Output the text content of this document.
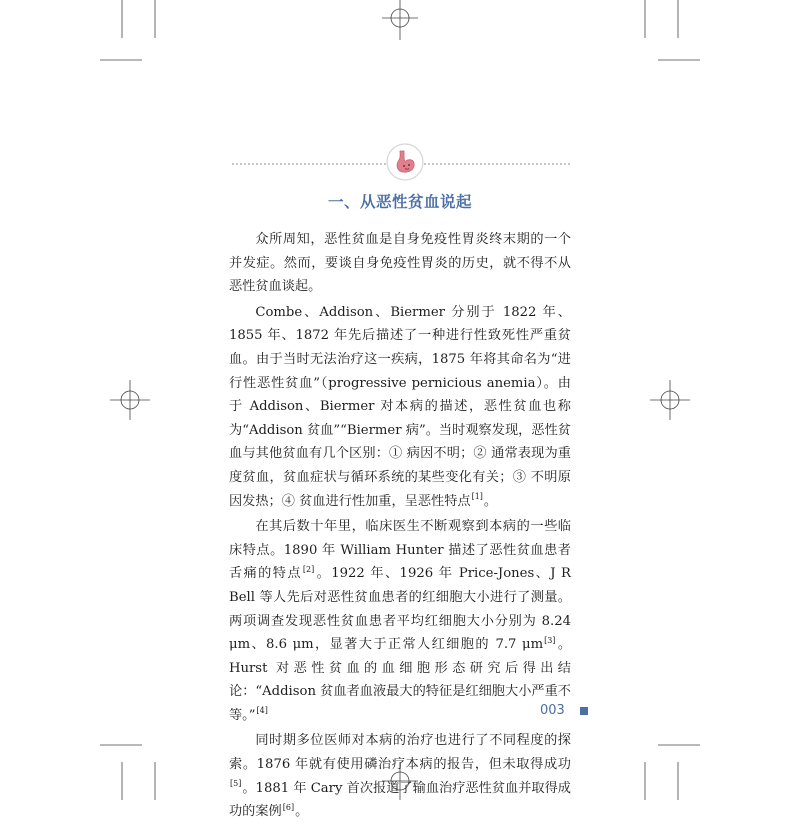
一、从恶性贫血说起

众所周知，恶性贫血是自身免疫性胃炎终末期的一个并发症。然而，要谈自身免疫性胃炎的历史，就不得不从恶性贫血谈起。

Combe、Addison、Biermer 分别于 1822 年、1855 年、1872 年先后描述了一种进行性致死性严重贫血。由于当时无法治疗这一疾病，1875 年将其命名为“进行性恶性贫血”（progressive pernicious anemia）。由于 Addison、Biermer 对本病的描述，恶性贫血也称为“Addison 贫血”“Biermer 病”。当时观察发现，恶性贫血与其他贫血有几个区别：① 病因不明；② 通常表现为重度贫血，贫血症状与循环系统的某些变化有关；③ 不明原因发热；④ 贫血进行性加重，呈恶性特点[1]。

在其后数十年里，临床医生不断观察到本病的一些临床特点。1890 年 William Hunter 描述了恶性贫血患者舌痛的特点[2]。1922 年、1926 年 Price-Jones、J R Bell 等人先后对恶性贫血患者的红细胞大小进行了测量。两项调查发现恶性贫血患者平均红细胞大小分别为 8.24 μm、8.6 μm，显著大于正常人红细胞的 7.7 μm[3]。Hurst 对恶性贫血的血细胞形态研究后得出结论：“Addison 贫血者血液最大的特征是红细胞大小严重不等。”[4]

同时期多位医师对本病的治疗也进行了不同程度的探索。1876 年就有使用磷治疗本病的报告，但未取得成功[5]。1881 年 Cary 首次报道了输血治疗恶性贫血并取得成功的案例[6]。

003
